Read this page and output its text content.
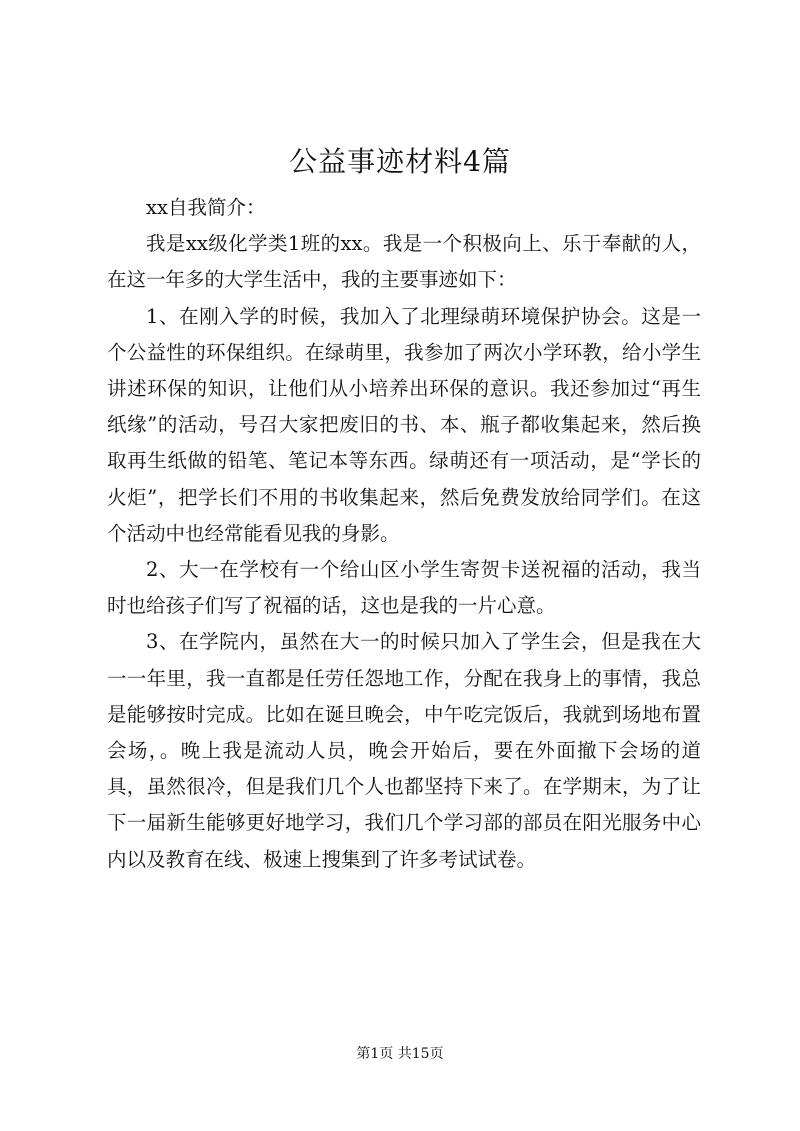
公益事迹材料4篇

xx自我简介：

我是xx级化学类1班的xx。我是一个积极向上、乐于奉献的人，在这一年多的大学生活中，我的主要事迹如下：

1、在刚入学的时候，我加入了北理绿萌环境保护协会。这是一个公益性的环保组织。在绿萌里，我参加了两次小学环教，给小学生讲述环保的知识，让他们从小培养出环保的意识。我还参加过“再生纸缘”的活动，号召大家把废旧的书、本、瓶子都收集起来，然后换取再生纸做的铅笔、笔记本等东西。绿萌还有一项活动，是“学长的火炬”，把学长们不用的书收集起来，然后免费发放给同学们。在这个活动中也经常能看见我的身影。

2、大一在学校有一个给山区小学生寄贺卡送祝福的活动，我当时也给孩子们写了祝福的话，这也是我的一片心意。

3、在学院内，虽然在大一的时候只加入了学生会，但是我在大一一年里，我一直都是任劳任怨地工作，分配在我身上的事情，我总是能够按时完成。比如在诞旦晚会，中午吃完饭后，我就到场地布置会场，。晚上我是流动人员，晚会开始后，要在外面撤下会场的道具，虽然很冷，但是我们几个人也都坚持下来了。在学期末，为了让下一届新生能够更好地学习，我们几个学习部的部员在阳光服务中心内以及教育在线、极速上搜集到了许多考试试卷。

第1页 共15页
